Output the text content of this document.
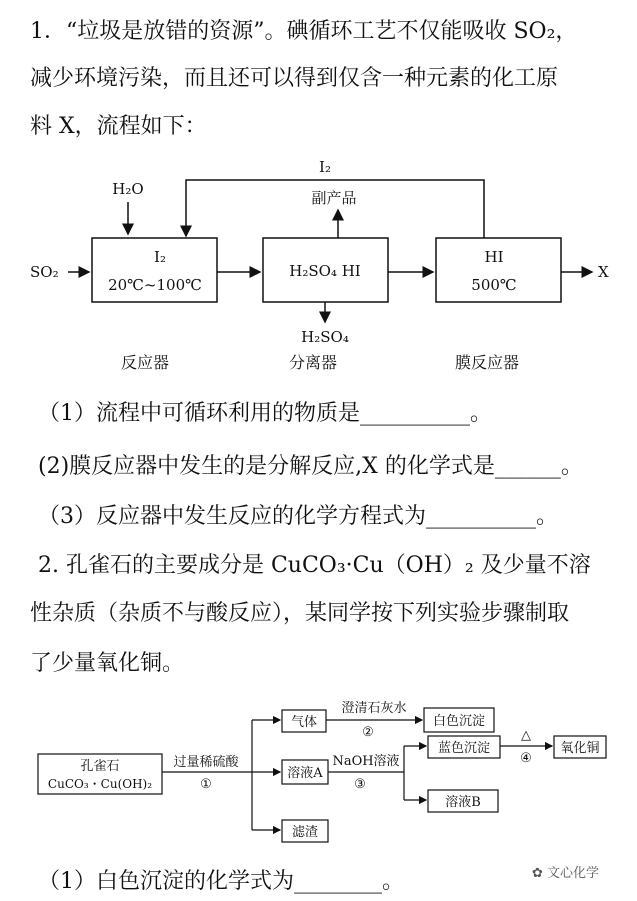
1．“垃圾是放错的资源”。碘循环工艺不仅能吸收 SO₂，
减少环境污染，而且还可以得到仅含一种元素的化工原
料 X，流程如下：
I₂
副产品
H₂O
SO₂
I₂
20℃~100℃
H₂SO₄ HI
HI
500℃
X
H₂SO₄
反应器	分离器	膜反应器
（1）流程中可循环利用的物质是__________。
(2)膜反应器中发生的是分解反应,X 的化学式是______。
（3）反应器中发生反应的化学方程式为__________。
2. 孔雀石的主要成分是 CuCO₃·Cu（OH）₂ 及少量不溶
性杂质（杂质不与酸反应），某同学按下列实验步骤制取
了少量氧化铜。
孔雀石
CuCO₃・Cu(OH)₂
过量稀硫酸
①
气体
澄清石灰水
②
白色沉淀
溶液A
NaOH溶液
③
蓝色沉淀
△
④
氧化铜
溶液B
滤渣
（1）白色沉淀的化学式为________。	✿ 文心化学
